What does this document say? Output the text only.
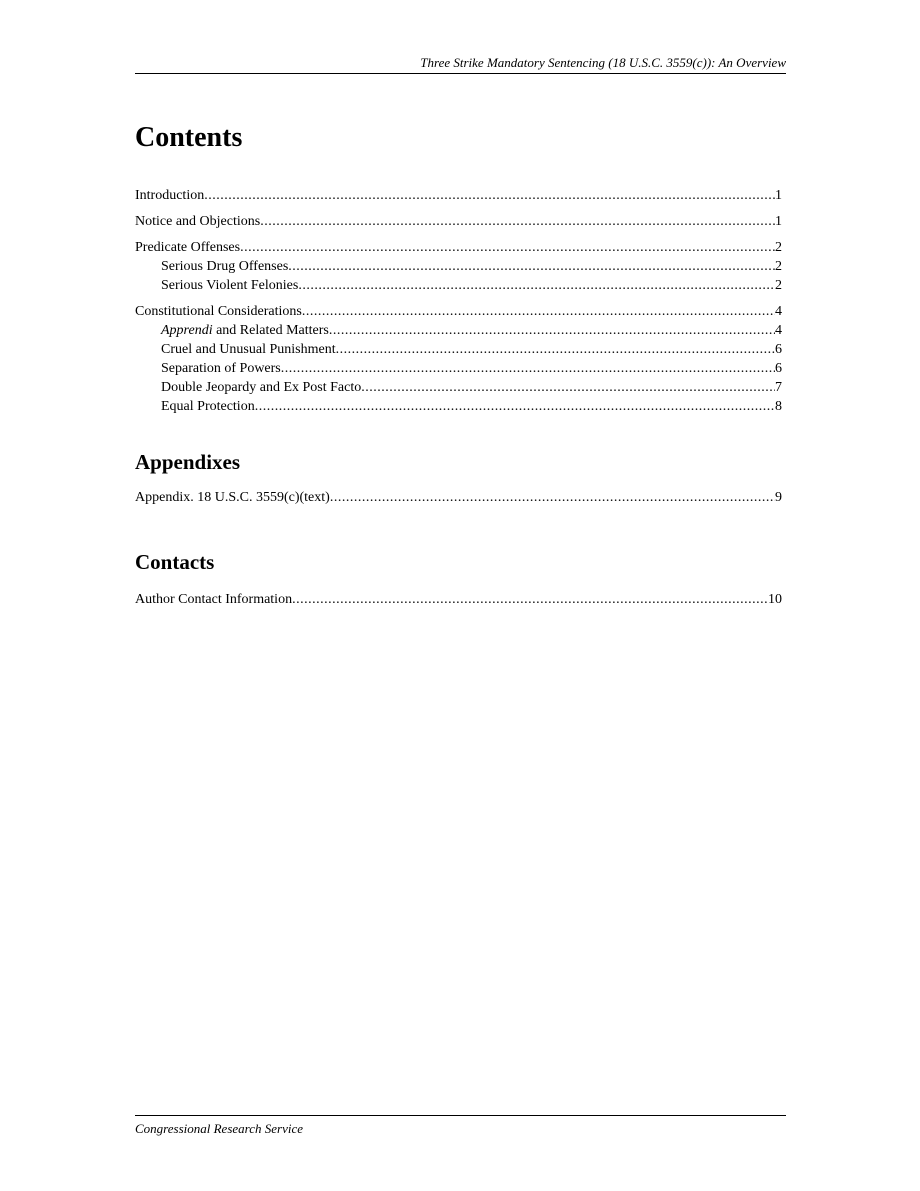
Three Strike Mandatory Sentencing (18 U.S.C. 3559(c)): An Overview
Contents
Introduction .....	1
Notice and Objections .....	1
Predicate Offenses .....	2
Serious Drug Offenses .....	2
Serious Violent Felonies .....	2
Constitutional Considerations .....	4
Apprendi and Related Matters .....	4
Cruel and Unusual Punishment .....	6
Separation of Powers .....	6
Double Jeopardy and Ex Post Facto .....	7
Equal Protection .....	8
Appendixes
Appendix. 18 U.S.C. 3559(c)(text) .....	9
Contacts
Author Contact Information .....	10
Congressional Research Service
